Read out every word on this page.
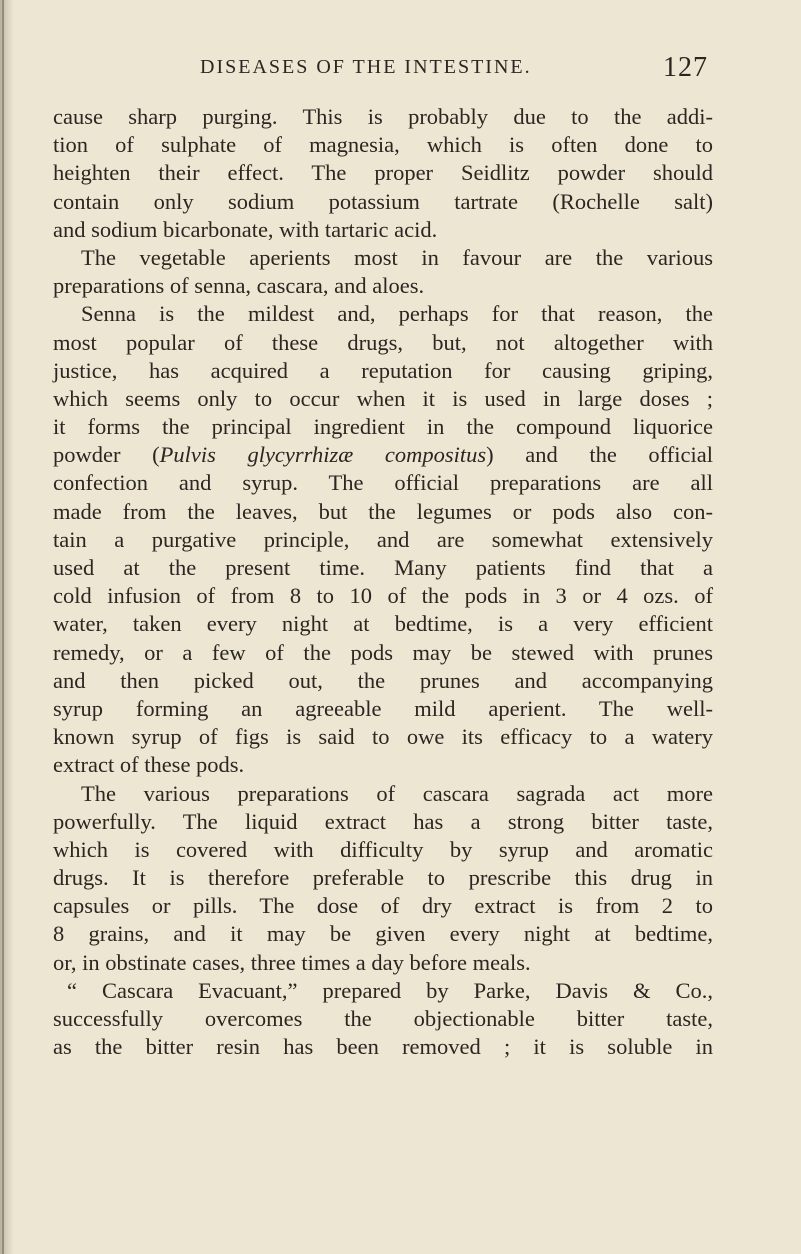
DISEASES OF THE INTESTINE.	127
cause sharp purging. This is probably due to the addi-
tion of sulphate of magnesia, which is often done to
heighten their effect. The proper Seidlitz powder should
contain only sodium potassium tartrate (Rochelle salt)
and sodium bicarbonate, with tartaric acid.
The vegetable aperients most in favour are the various
preparations of senna, cascara, and aloes.
Senna is the mildest and, perhaps for that reason, the
most popular of these drugs, but, not altogether with
justice, has acquired a reputation for causing griping,
which seems only to occur when it is used in large doses ;
it forms the principal ingredient in the compound liquorice
powder (Pulvis glycyrrhizæ compositus) and the official
confection and syrup. The official preparations are all
made from the leaves, but the legumes or pods also con-
tain a purgative principle, and are somewhat extensively
used at the present time. Many patients find that a
cold infusion of from 8 to 10 of the pods in 3 or 4 ozs. of
water, taken every night at bedtime, is a very efficient
remedy, or a few of the pods may be stewed with prunes
and then picked out, the prunes and accompanying
syrup forming an agreeable mild aperient. The well-
known syrup of figs is said to owe its efficacy to a watery
extract of these pods.
The various preparations of cascara sagrada act more
powerfully. The liquid extract has a strong bitter taste,
which is covered with difficulty by syrup and aromatic
drugs. It is therefore preferable to prescribe this drug in
capsules or pills. The dose of dry extract is from 2 to
8 grains, and it may be given every night at bedtime,
or, in obstinate cases, three times a day before meals.
“ Cascara Evacuant,” prepared by Parke, Davis & Co.,
successfully overcomes the objectionable bitter taste,
as the bitter resin has been removed ; it is soluble in
